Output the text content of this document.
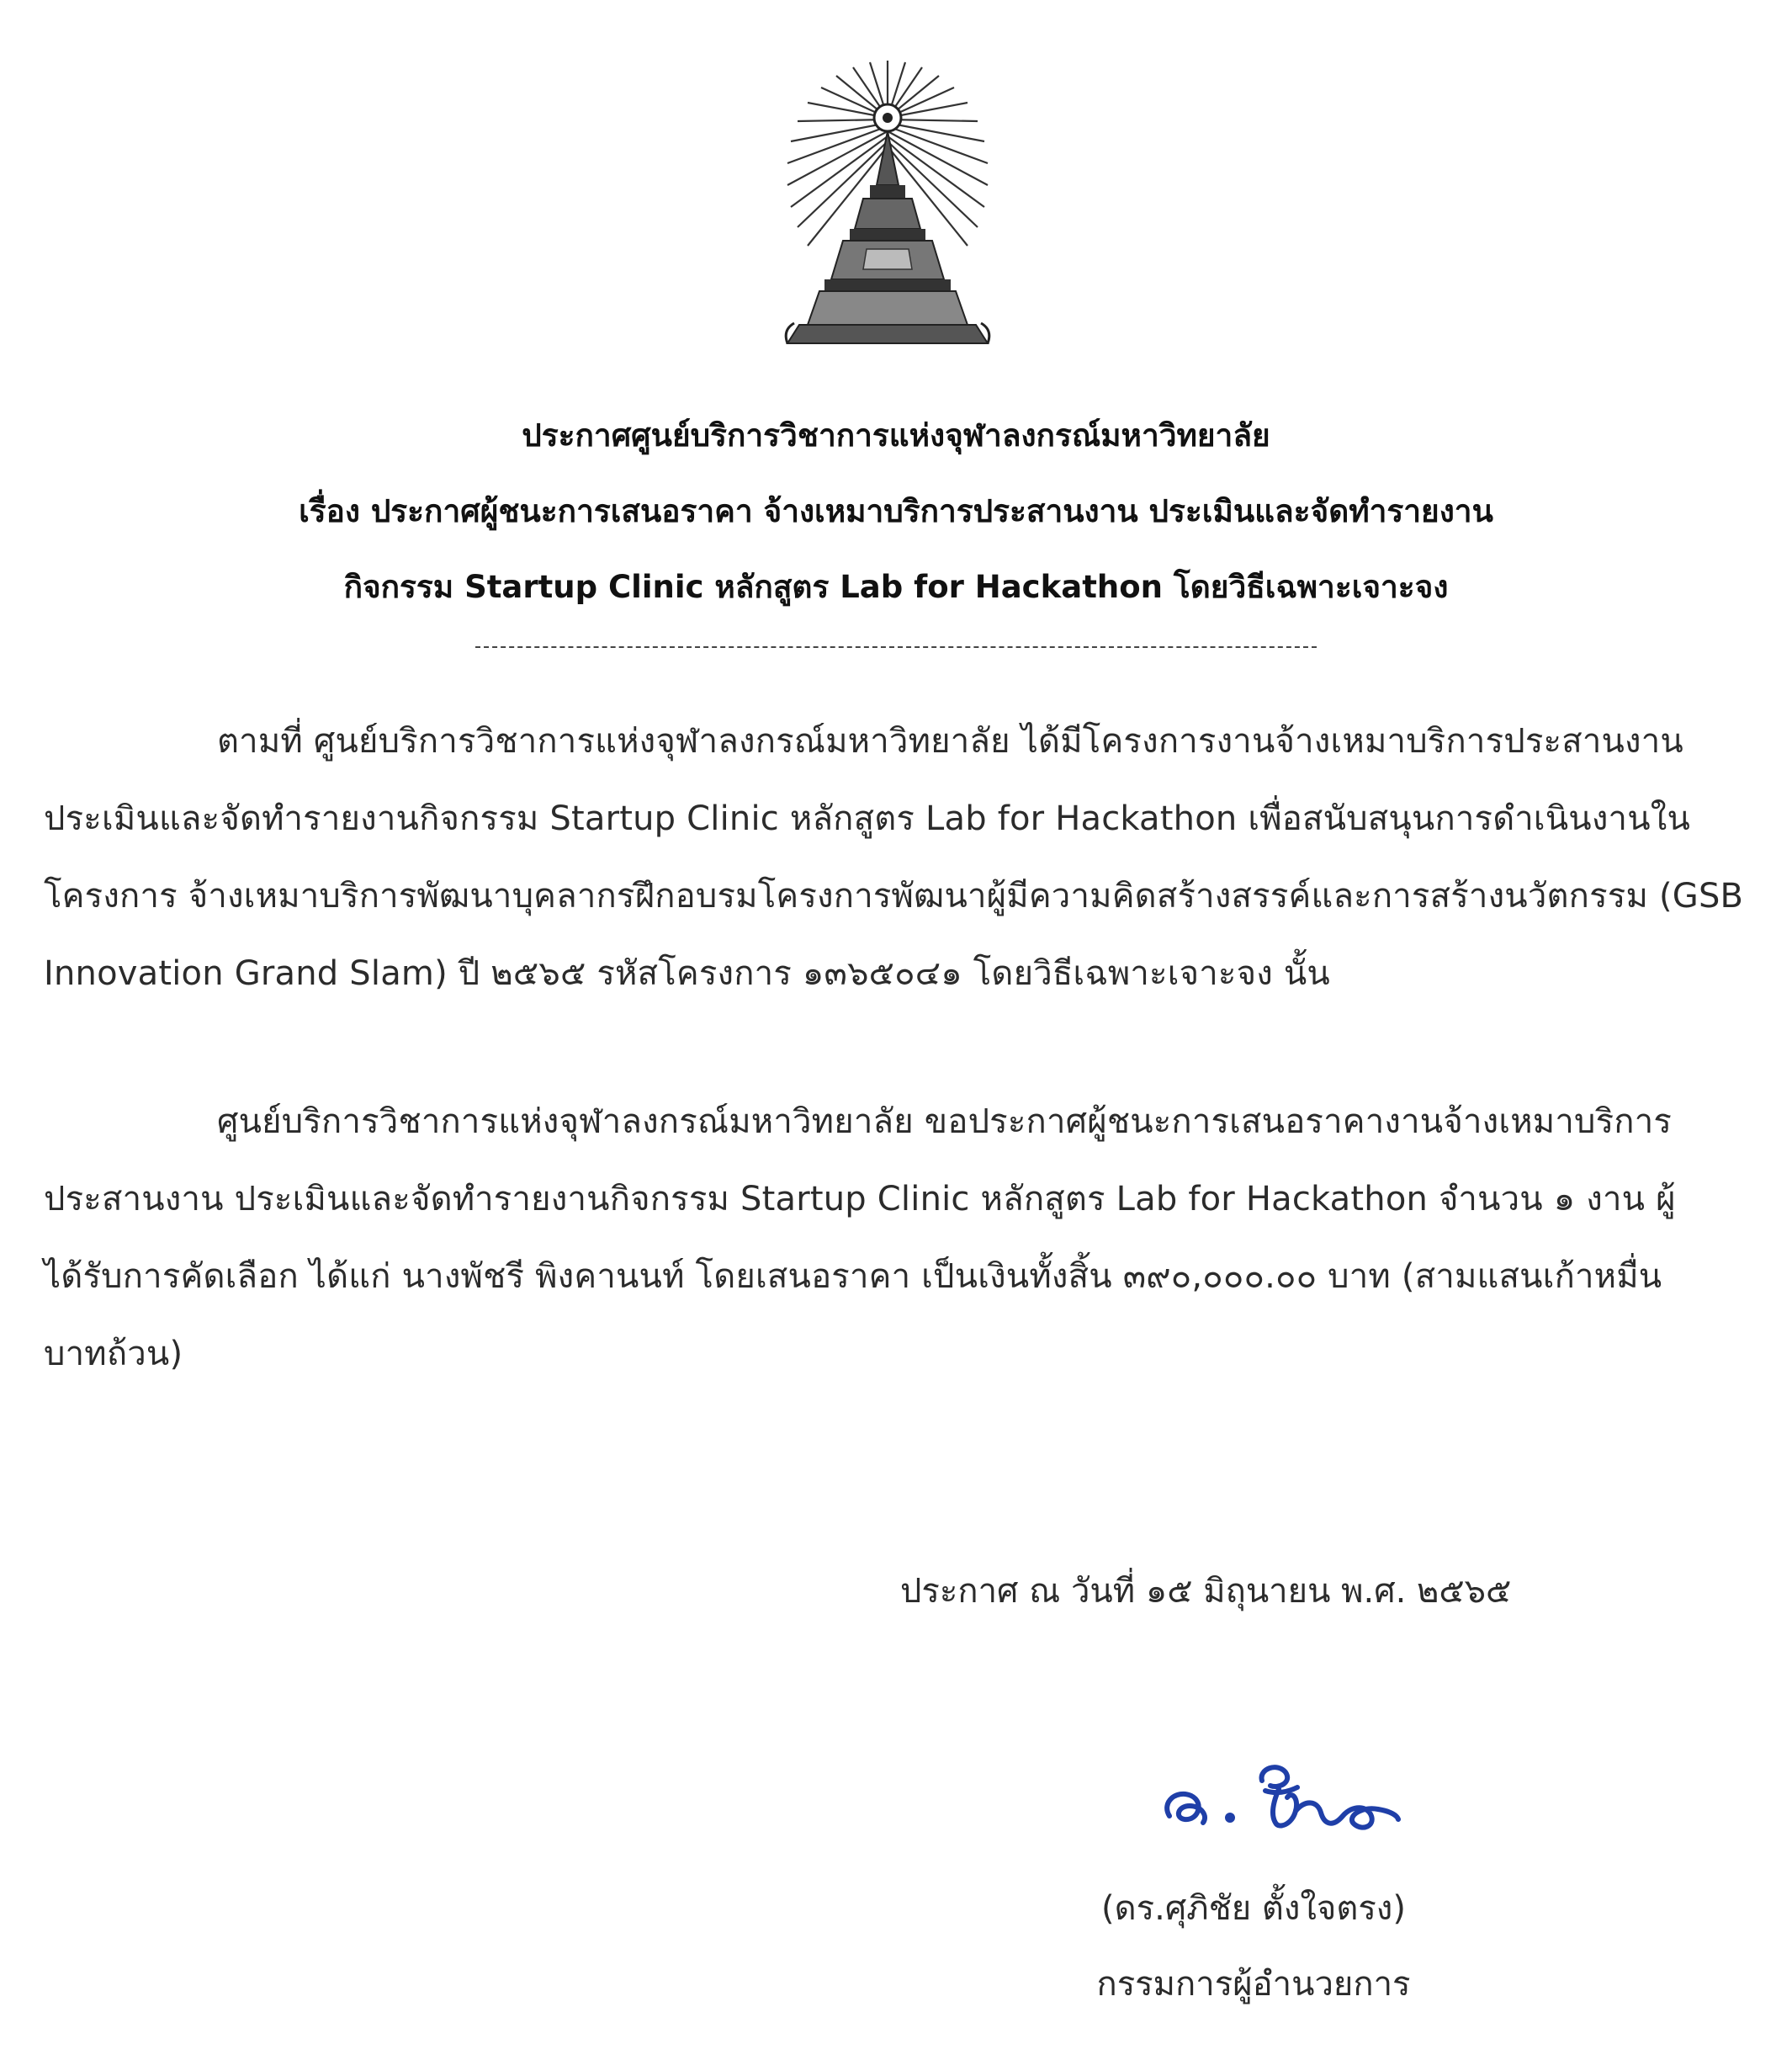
ประกาศศูนย์บริการวิชาการแห่งจุฬาลงกรณ์มหาวิทยาลัย
เรื่อง ประกาศผู้ชนะการเสนอราคา จ้างเหมาบริการประสานงาน ประเมินและจัดทำรายงาน
กิจกรรม Startup Clinic หลักสูตร Lab for Hackathon โดยวิธีเฉพาะเจาะจง
ตามที่ ศูนย์บริการวิชาการแห่งจุฬาลงกรณ์มหาวิทยาลัย ได้มีโครงการงานจ้างเหมาบริการประสานงาน
ประเมินและจัดทำรายงานกิจกรรม Startup Clinic หลักสูตร Lab for Hackathon เพื่อสนับสนุนการดำเนินงานใน
โครงการ จ้างเหมาบริการพัฒนาบุคลากรฝึกอบรมโครงการพัฒนาผู้มีความคิดสร้างสรรค์และการสร้างนวัตกรรม (GSB
Innovation Grand Slam) ปี ๒๕๖๕ รหัสโครงการ ๑๓๖๕๐๔๑ โดยวิธีเฉพาะเจาะจง นั้น
ศูนย์บริการวิชาการแห่งจุฬาลงกรณ์มหาวิทยาลัย ขอประกาศผู้ชนะการเสนอราคางานจ้างเหมาบริการ
ประสานงาน ประเมินและจัดทำรายงานกิจกรรม Startup Clinic หลักสูตร Lab for Hackathon จำนวน ๑ งาน ผู้
ได้รับการคัดเลือก ได้แก่ นางพัชรี พิงคานนท์ โดยเสนอราคา เป็นเงินทั้งสิ้น ๓๙๐,๐๐๐.๐๐ บาท (สามแสนเก้าหมื่น
บาทถ้วน)
ประกาศ ณ วันที่ ๑๕ มิถุนายน พ.ศ. ๒๕๖๕
(ดร.ศุภิชัย ตั้งใจตรง)
กรรมการผู้อำนวยการ
